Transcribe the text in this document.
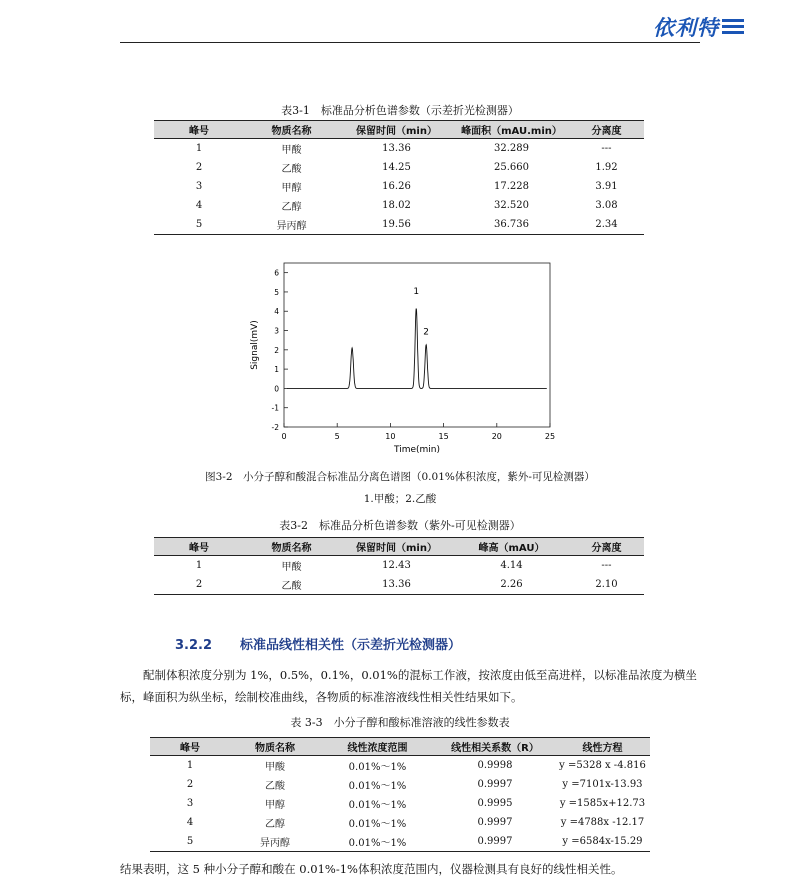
依利特
表3-1　标准品分析色谱参数（示差折光检测器）
峰号	物质名称	保留时间（min）	峰面积（mAU.min）	分离度
1	甲酸	13.36	32.289	---
2	乙酸	14.25	25.660	1.92
3	甲醇	16.26	17.228	3.91
4	乙醇	18.02	32.520	3.08
5	异丙醇	19.56	36.736	2.34
0	5	10	15	20	25
-2
-1
0
1
2
3
4
5
6
Time(min)
Signal(mV)
1
2
图3-2　小分子醇和酸混合标准品分离色谱图（0.01%体积浓度，紫外-可见检测器）
1.甲酸；2.乙酸
表3-2　标准品分析色谱参数（紫外-可见检测器）
峰号	物质名称	保留时间（min）	峰高（mAU）	分离度
1	甲酸	12.43	4.14	---
2	乙酸	13.36	2.26	2.10
3.2.2 标准品线性相关性（示差折光检测器）
配制体积浓度分别为 1%，0.5%，0.1%，0.01%的混标工作液，按浓度由低至高进样，以标准品浓度为横坐标，峰面积为纵坐标，绘制校准曲线，各物质的标准溶液线性相关性结果如下。
表 3-3　小分子醇和酸标准溶液的线性参数表
峰号	物质名称	线性浓度范围	线性相关系数（R）	线性方程
1	甲酸	0.01%～1%	0.9998	y =5328 x -4.816
2	乙酸	0.01%～1%	0.9997	y =7101x-13.93
3	甲醇	0.01%～1%	0.9995	y =1585x+12.73
4	乙醇	0.01%～1%	0.9997	y =4788x -12.17
5	异丙醇	0.01%～1%	0.9997	y =6584x-15.29
结果表明，这 5 种小分子醇和酸在 0.01%-1%体积浓度范围内，仪器检测具有良好的线性相关性。
